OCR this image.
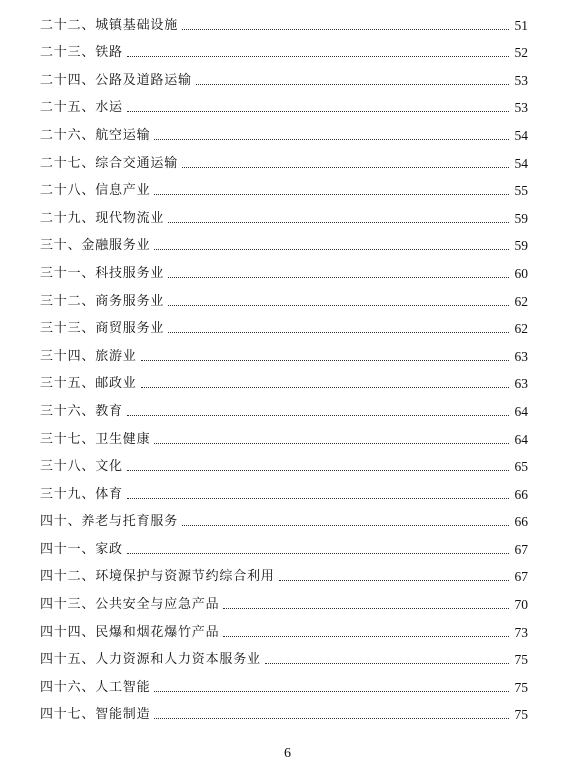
二十二、城镇基础设施	51
二十三、铁路	52
二十四、公路及道路运输	53
二十五、水运	53
二十六、航空运输	54
二十七、综合交通运输	54
二十八、信息产业	55
二十九、现代物流业	59
三十、金融服务业	59
三十一、科技服务业	60
三十二、商务服务业	62
三十三、商贸服务业	62
三十四、旅游业	63
三十五、邮政业	63
三十六、教育	64
三十七、卫生健康	64
三十八、文化	65
三十九、体育	66
四十、养老与托育服务	66
四十一、家政	67
四十二、环境保护与资源节约综合利用	67
四十三、公共安全与应急产品	70
四十四、民爆和烟花爆竹产品	73
四十五、人力资源和人力资本服务业	75
四十六、人工智能	75
四十七、智能制造	75
6
